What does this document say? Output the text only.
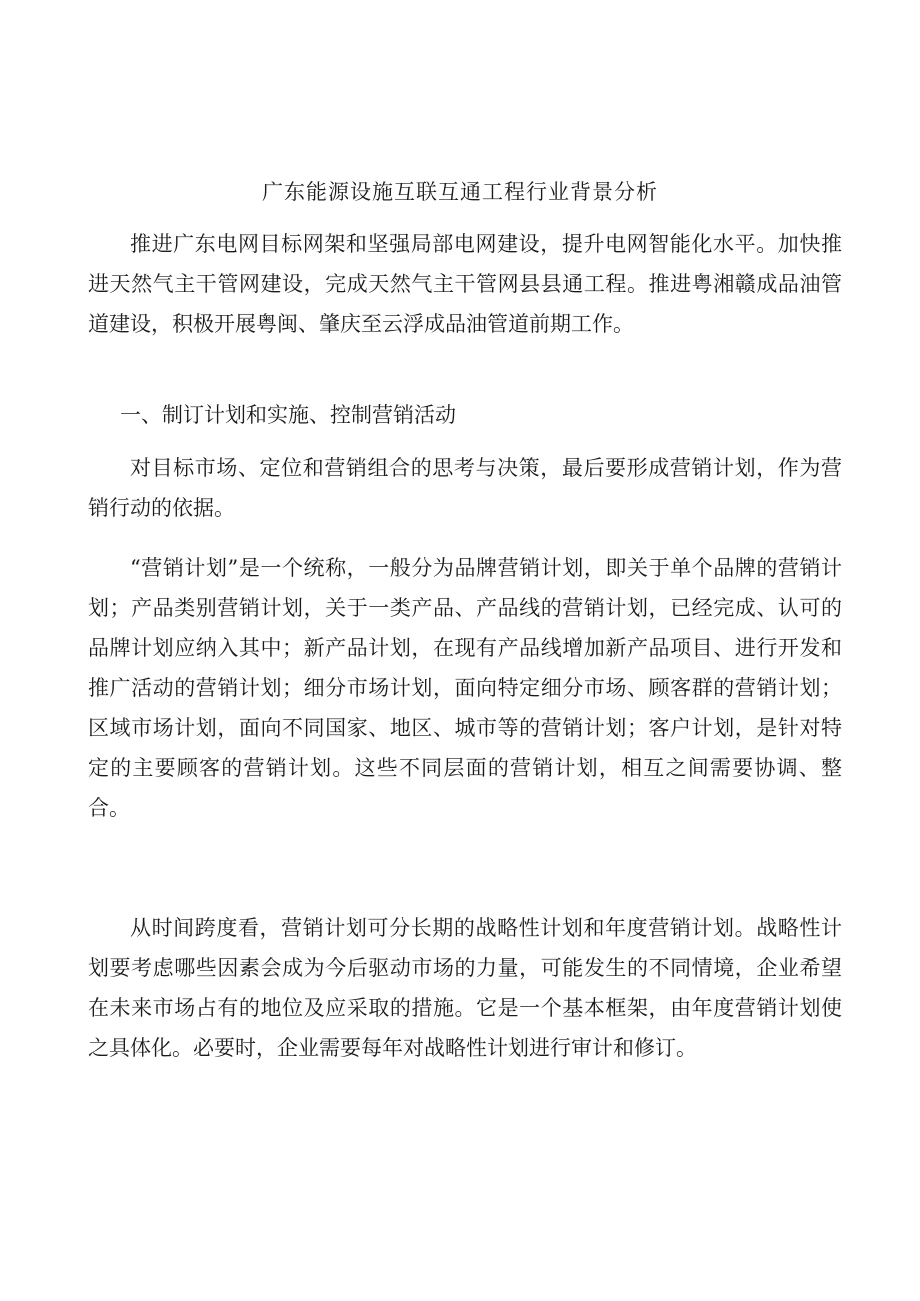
广东能源设施互联互通工程行业背景分析

推进广东电网目标网架和坚强局部电网建设，提升电网智能化水平。加快推进天然气主干管网建设，完成天然气主干管网县县通工程。推进粤湘赣成品油管道建设，积极开展粤闽、肇庆至云浮成品油管道前期工作。

一、制订计划和实施、控制营销活动

对目标市场、定位和营销组合的思考与决策，最后要形成营销计划，作为营销行动的依据。

“营销计划”是一个统称，一般分为品牌营销计划，即关于单个品牌的营销计划；产品类别营销计划，关于一类产品、产品线的营销计划，已经完成、认可的品牌计划应纳入其中；新产品计划，在现有产品线增加新产品项目、进行开发和推广活动的营销计划；细分市场计划，面向特定细分市场、顾客群的营销计划；区域市场计划，面向不同国家、地区、城市等的营销计划；客户计划，是针对特定的主要顾客的营销计划。这些不同层面的营销计划，相互之间需要协调、整合。

从时间跨度看，营销计划可分长期的战略性计划和年度营销计划。战略性计划要考虑哪些因素会成为今后驱动市场的力量，可能发生的不同情境，企业希望在未来市场占有的地位及应采取的措施。它是一个基本框架，由年度营销计划使之具体化。必要时，企业需要每年对战略性计划进行审计和修订。
